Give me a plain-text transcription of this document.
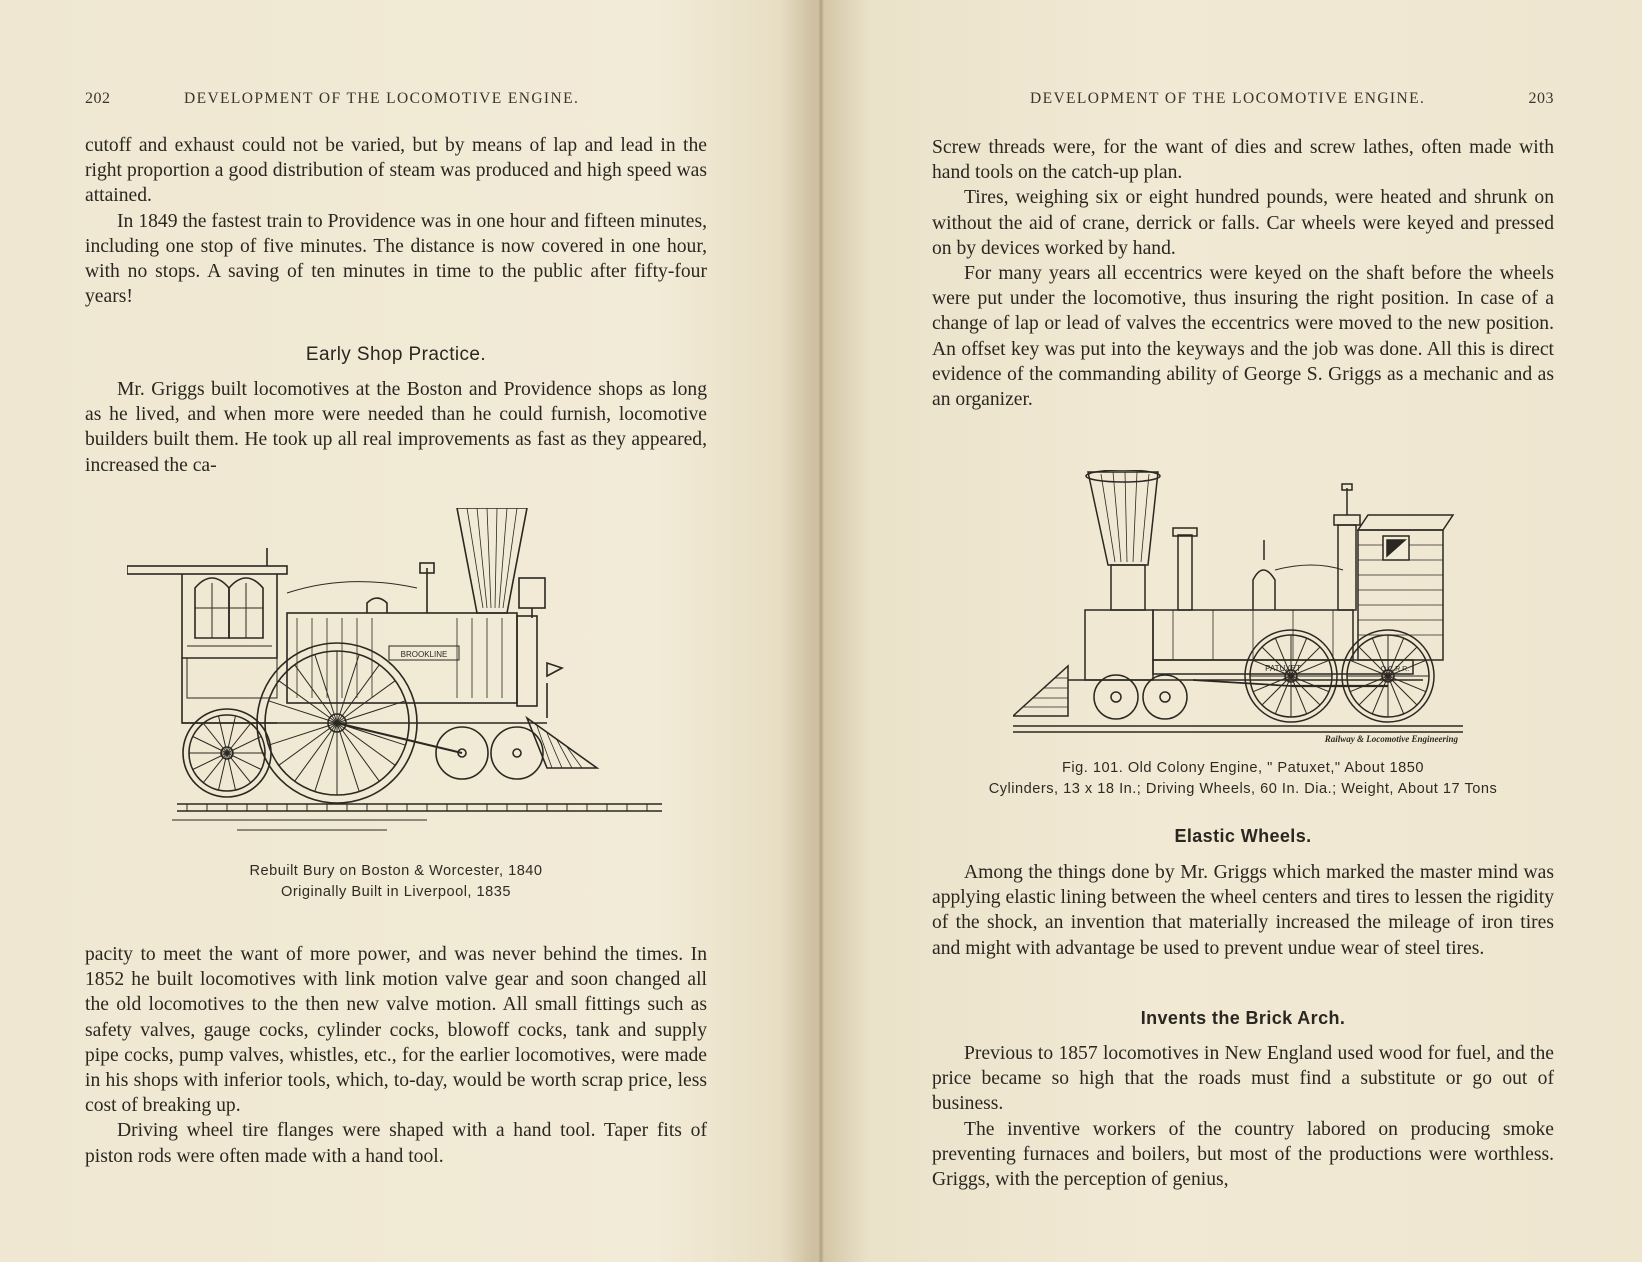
202	DEVELOPMENT OF THE LOCOMOTIVE ENGINE.

cutoff and exhaust could not be varied, but by means of lap and lead in the right proportion a good distribution of steam was produced and high speed was attained.

In 1849 the fastest train to Providence was in one hour and fifteen minutes, including one stop of five minutes. The distance is now covered in one hour, with no stops. A saving of ten minutes in time to the public after fifty-four years!

Early Shop Practice.

Mr. Griggs built locomotives at the Boston and Providence shops as long as he lived, and when more were needed than he could furnish, locomotive builders built them. He took up all real improvements as fast as they appeared, increased the ca-

BROOKLINE
Rebuilt Bury on Boston & Worcester, 1840
Originally Built in Liverpool, 1835

pacity to meet the want of more power, and was never behind the times. In 1852 he built locomotives with link motion valve gear and soon changed all the old locomotives to the then new valve motion. All small fittings such as safety valves, gauge cocks, cylinder cocks, blowoff cocks, tank and supply pipe cocks, pump valves, whistles, etc., for the earlier locomotives, were made in his shops with inferior tools, which, to-day, would be worth scrap price, less cost of breaking up.

Driving wheel tire flanges were shaped with a hand tool. Taper fits of piston rods were often made with a hand tool.

DEVELOPMENT OF THE LOCOMOTIVE ENGINE.	203

Screw threads were, for the want of dies and screw lathes, often made with hand tools on the catch-up plan.

Tires, weighing six or eight hundred pounds, were heated and shrunk on without the aid of crane, derrick or falls. Car wheels were keyed and pressed on by devices worked by hand.

For many years all eccentrics were keyed on the shaft before the wheels were put under the locomotive, thus insuring the right position. In case of a change of lap or lead of valves the eccentrics were moved to the new position. An offset key was put into the keyways and the job was done. All this is direct evidence of the commanding ability of George S. Griggs as a mechanic and as an organizer.

PATUXET	O.C.R.R.
Railway & Locomotive Engineering
Fig. 101. Old Colony Engine, " Patuxet," About 1850
Cylinders, 13 x 18 In.; Driving Wheels, 60 In. Dia.; Weight, About 17 Tons
Elastic Wheels.

Among the things done by Mr. Griggs which marked the master mind was applying elastic lining between the wheel centers and tires to lessen the rigidity of the shock, an invention that materially increased the mileage of iron tires and might with advantage be used to prevent undue wear of steel tires.

Invents the Brick Arch.

Previous to 1857 locomotives in New England used wood for fuel, and the price became so high that the roads must find a substitute or go out of business.

The inventive workers of the country labored on producing smoke preventing furnaces and boilers, but most of the productions were worthless. Griggs, with the perception of genius,
